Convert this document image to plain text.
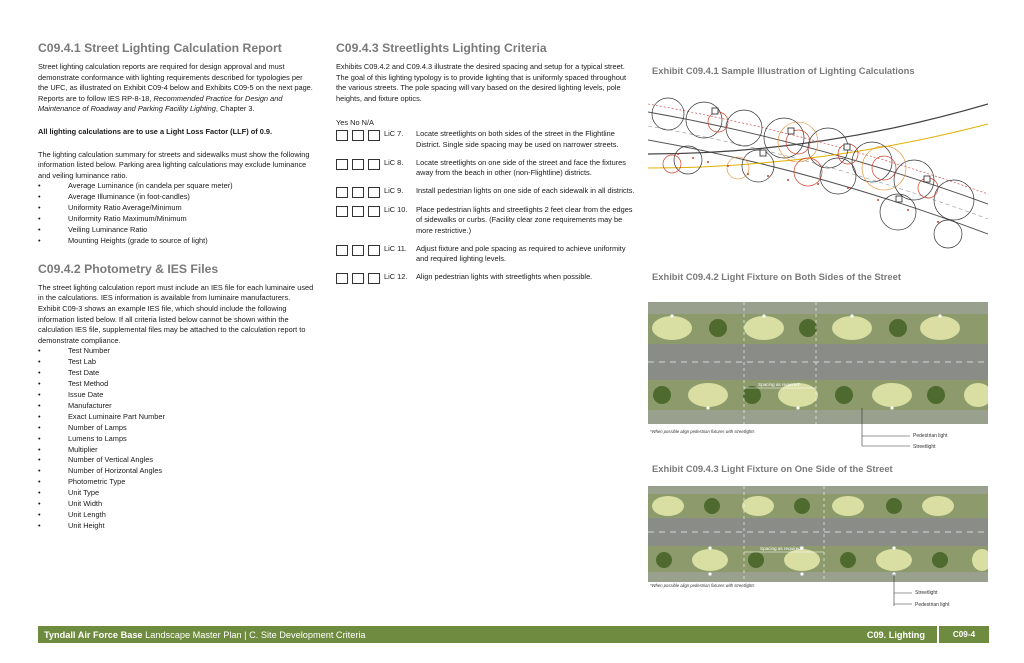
C09.4.1 Street Lighting Calculation Report

Street lighting calculation reports are required for design approval and must demonstrate conformance with lighting requirements described for typologies per the UFC, as illustrated on Exhibit C09-4 below and Exhibits C09-5 on the next page. Reports are to follow IES RP-8-18, Recommended Practice for Design and Maintenance of Roadway and Parking Facility Lighting, Chapter 3.

All lighting calculations are to use a Light Loss Factor (LLF) of 0.9.

The lighting calculation summary for streets and sidewalks must show the following information listed below. Parking area lighting calculations may exclude luminance and veiling luminance ratio.

• Average Luminance (in candela per square meter)
• Average Illuminance (in foot-candles)
• Uniformity Ratio Average/Minimum
• Uniformity Ratio Maximum/Minimum
• Veiling Luminance Ratio
• Mounting Heights (grade to source of light)
C09.4.2 Photometry & IES Files

The street lighting calculation report must include an IES file for each luminaire used in the calculations. IES information is available from luminaire manufacturers. Exhibit C09-3 shows an example IES file, which should include the following information listed below. If all criteria listed below cannot be shown within the calculation IES file, supplemental files may be attached to the calculation report to demonstrate compliance.

• Test Number
• Test Lab
• Test Date
• Test Method
• Issue Date
• Manufacturer
• Exact Luminaire Part Number
• Number of Lamps
• Lumens to Lamps
• Multiplier
• Number of Vertical Angles
• Number of Horizontal Angles
• Photometric Type
• Unit Type
• Unit Width
• Unit Length
• Unit Height
C09.4.3 Streetlights Lighting Criteria

Exhibits C09.4.2 and C09.4.3 illustrate the desired spacing and setup for a typical street. The goal of this lighting typology is to provide lighting that is uniformly spaced throughout the various streets. The pole spacing will vary based on the desired lighting levels, pole heights, and fixture optics.

Yes No N/A
LiC 7.	Locate streetlights on both sides of the street in the Flightline District. Single side spacing may be used on narrower streets.
LiC 8.	Locate streetlights on one side of the street and face the fixtures away from the beach in other (non-Flightline) districts.
LiC 9.	Install pedestrian lights on one side of each sidewalk in all districts.
LiC 10.	Place pedestrian lights and streetlights 2 feet clear from the edges of sidewalks or curbs. (Facility clear zone requirements may be more restrictive.)
LiC 11.	Adjust fixture and pole spacing as required to achieve uniformity and required lighting levels.
LiC 12.	Align pedestrian lights with streetlights when possible.
Exhibit C09.4.1 Sample Illustration of Lighting Calculations
Exhibit C09.4.2 Light Fixture on Both Sides of the Street
Spacing as required*
*When possible align pedestrian fixtures with streetlights
Pedestrian light
Streetlight
Exhibit C09.4.3 Light Fixture on One Side of the Street
Spacing as required*
*When possible align pedestrian fixtures with streetlights
Streetlight
Pedestrian light
Tyndall Air Force Base Landscape Master Plan | C. Site Development Criteria	C09. Lighting	C09-4
